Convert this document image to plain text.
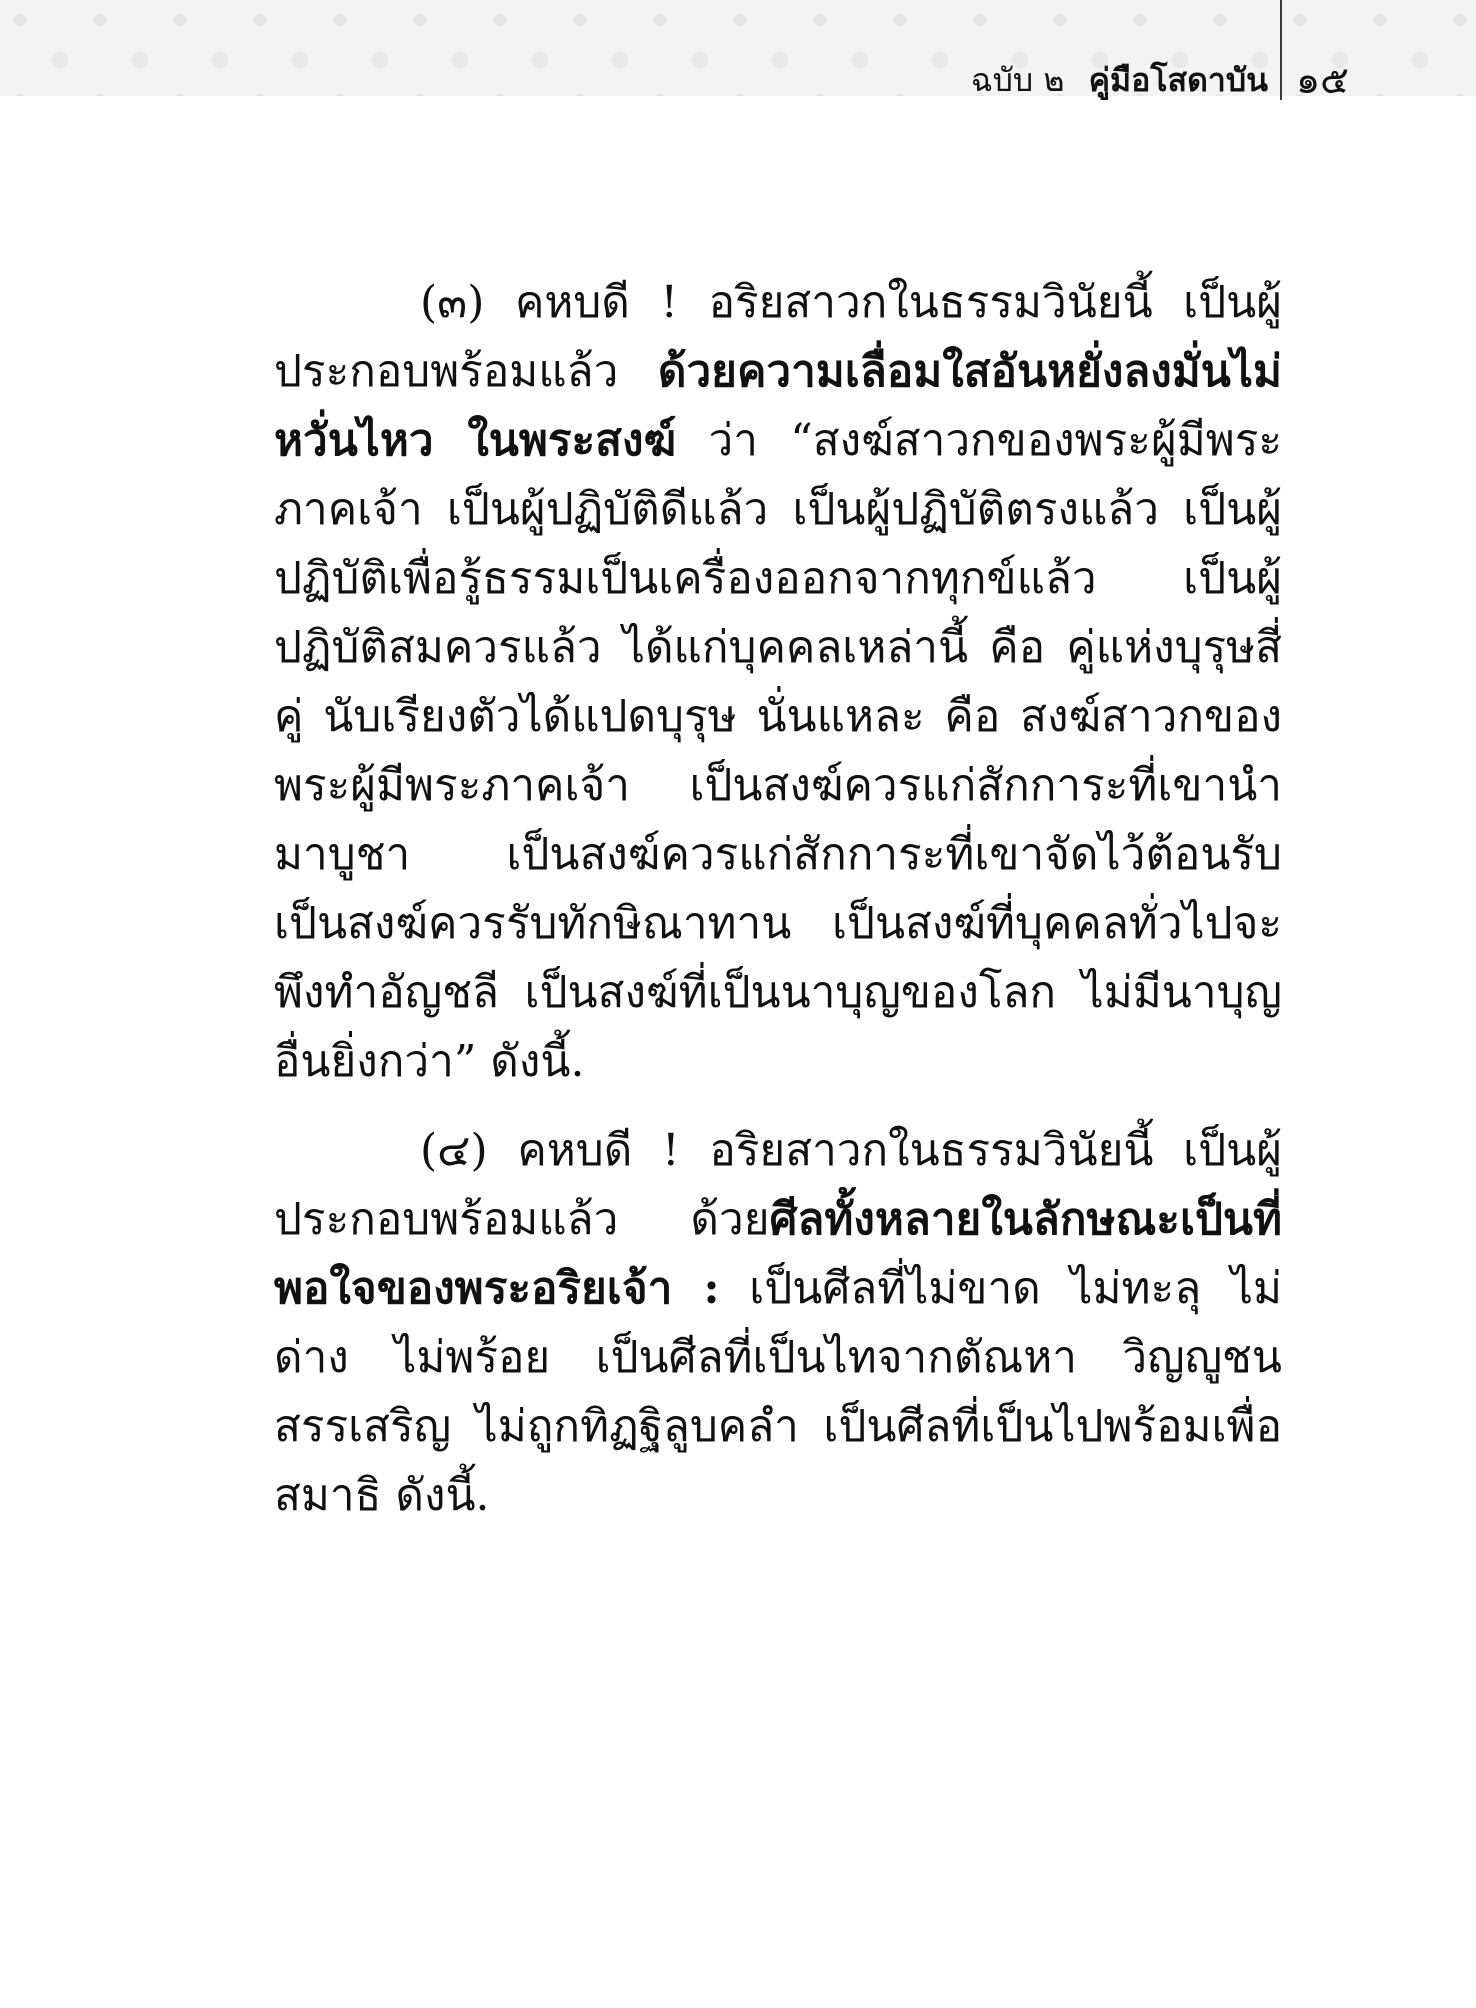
ฉบับ ๒ คู่มือโสดาบัน ๑๕

(๓) คหบดี ! อริยสาวกในธรรมวินัยนี้ เป็นผู้ประกอบพร้อมแล้ว ด้วยความเลื่อมใสอันหยั่งลงมั่นไม่หวั่นไหว ในพระสงฆ์ ว่า “สงฆ์สาวกของพระผู้มีพระภาคเจ้า เป็นผู้ปฏิบัติดีแล้ว เป็นผู้ปฏิบัติตรงแล้ว เป็นผู้ปฏิบัติเพื่อรู้ธรรมเป็นเครื่องออกจากทุกข์แล้ว เป็นผู้ปฏิบัติสมควรแล้ว ได้แก่บุคคลเหล่านี้ คือ คู่แห่งบุรุษสี่คู่ นับเรียงตัวได้แปดบุรุษ นั่นแหละ คือ สงฆ์สาวกของพระผู้มีพระภาคเจ้า เป็นสงฆ์ควรแก่สักการะที่เขานำมาบูชา เป็นสงฆ์ควรแก่สักการะที่เขาจัดไว้ต้อนรับ เป็นสงฆ์ควรรับทักษิณาทาน เป็นสงฆ์ที่บุคคลทั่วไปจะพึงทำอัญชลี เป็นสงฆ์ที่เป็นนาบุญของโลก ไม่มีนาบุญอื่นยิ่งกว่า” ดังนี้.

(๔) คหบดี ! อริยสาวกในธรรมวินัยนี้ เป็นผู้ประกอบพร้อมแล้ว ด้วยศีลทั้งหลายในลักษณะเป็นที่พอใจของพระอริยเจ้า : เป็นศีลที่ไม่ขาด ไม่ทะลุ ไม่ด่าง ไม่พร้อย เป็นศีลที่เป็นไทจากตัณหา วิญญูชนสรรเสริญ ไม่ถูกทิฏฐิลูบคลำ เป็นศีลที่เป็นไปพร้อมเพื่อสมาธิ ดังนี้.
